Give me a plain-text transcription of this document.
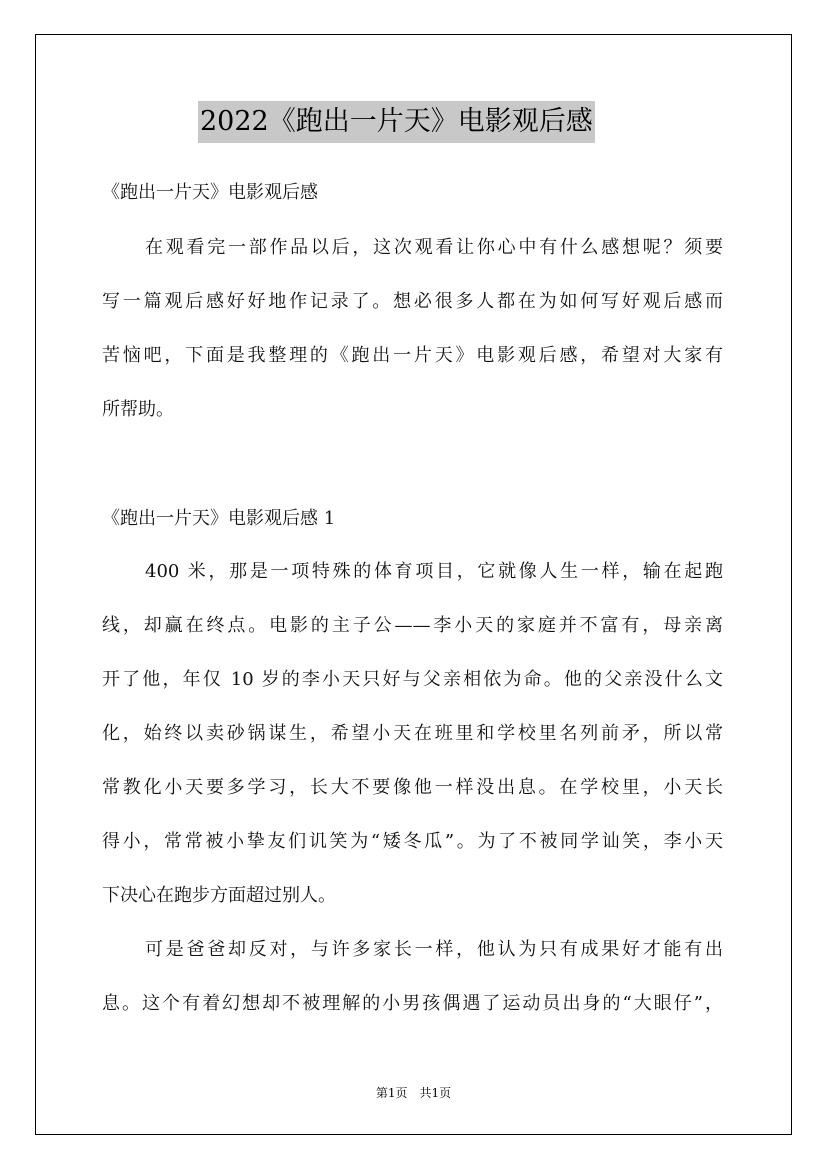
2022《跑出一片天》电影观后感
《跑出一片天》电影观后感
在观看完一部作品以后，这次观看让你心中有什么感想呢？须要
写一篇观后感好好地作记录了。想必很多人都在为如何写好观后感而
苦恼吧，下面是我整理的《跑出一片天》电影观后感，希望对大家有
所帮助。
《跑出一片天》电影观后感 1
400 米，那是一项特殊的体育项目，它就像人生一样，输在起跑
线，却赢在终点。电影的主子公——李小天的家庭并不富有，母亲离
开了他，年仅 10 岁的李小天只好与父亲相依为命。他的父亲没什么文
化，始终以卖砂锅谋生，希望小天在班里和学校里名列前矛，所以常
常教化小天要多学习，长大不要像他一样没出息。在学校里，小天长
得小，常常被小挚友们讥笑为“矮冬瓜”。为了不被同学讪笑，李小天
下决心在跑步方面超过别人。
可是爸爸却反对，与许多家长一样，他认为只有成果好才能有出
息。这个有着幻想却不被理解的小男孩偶遇了运动员出身的“大眼仔”，
第1页　共1页
